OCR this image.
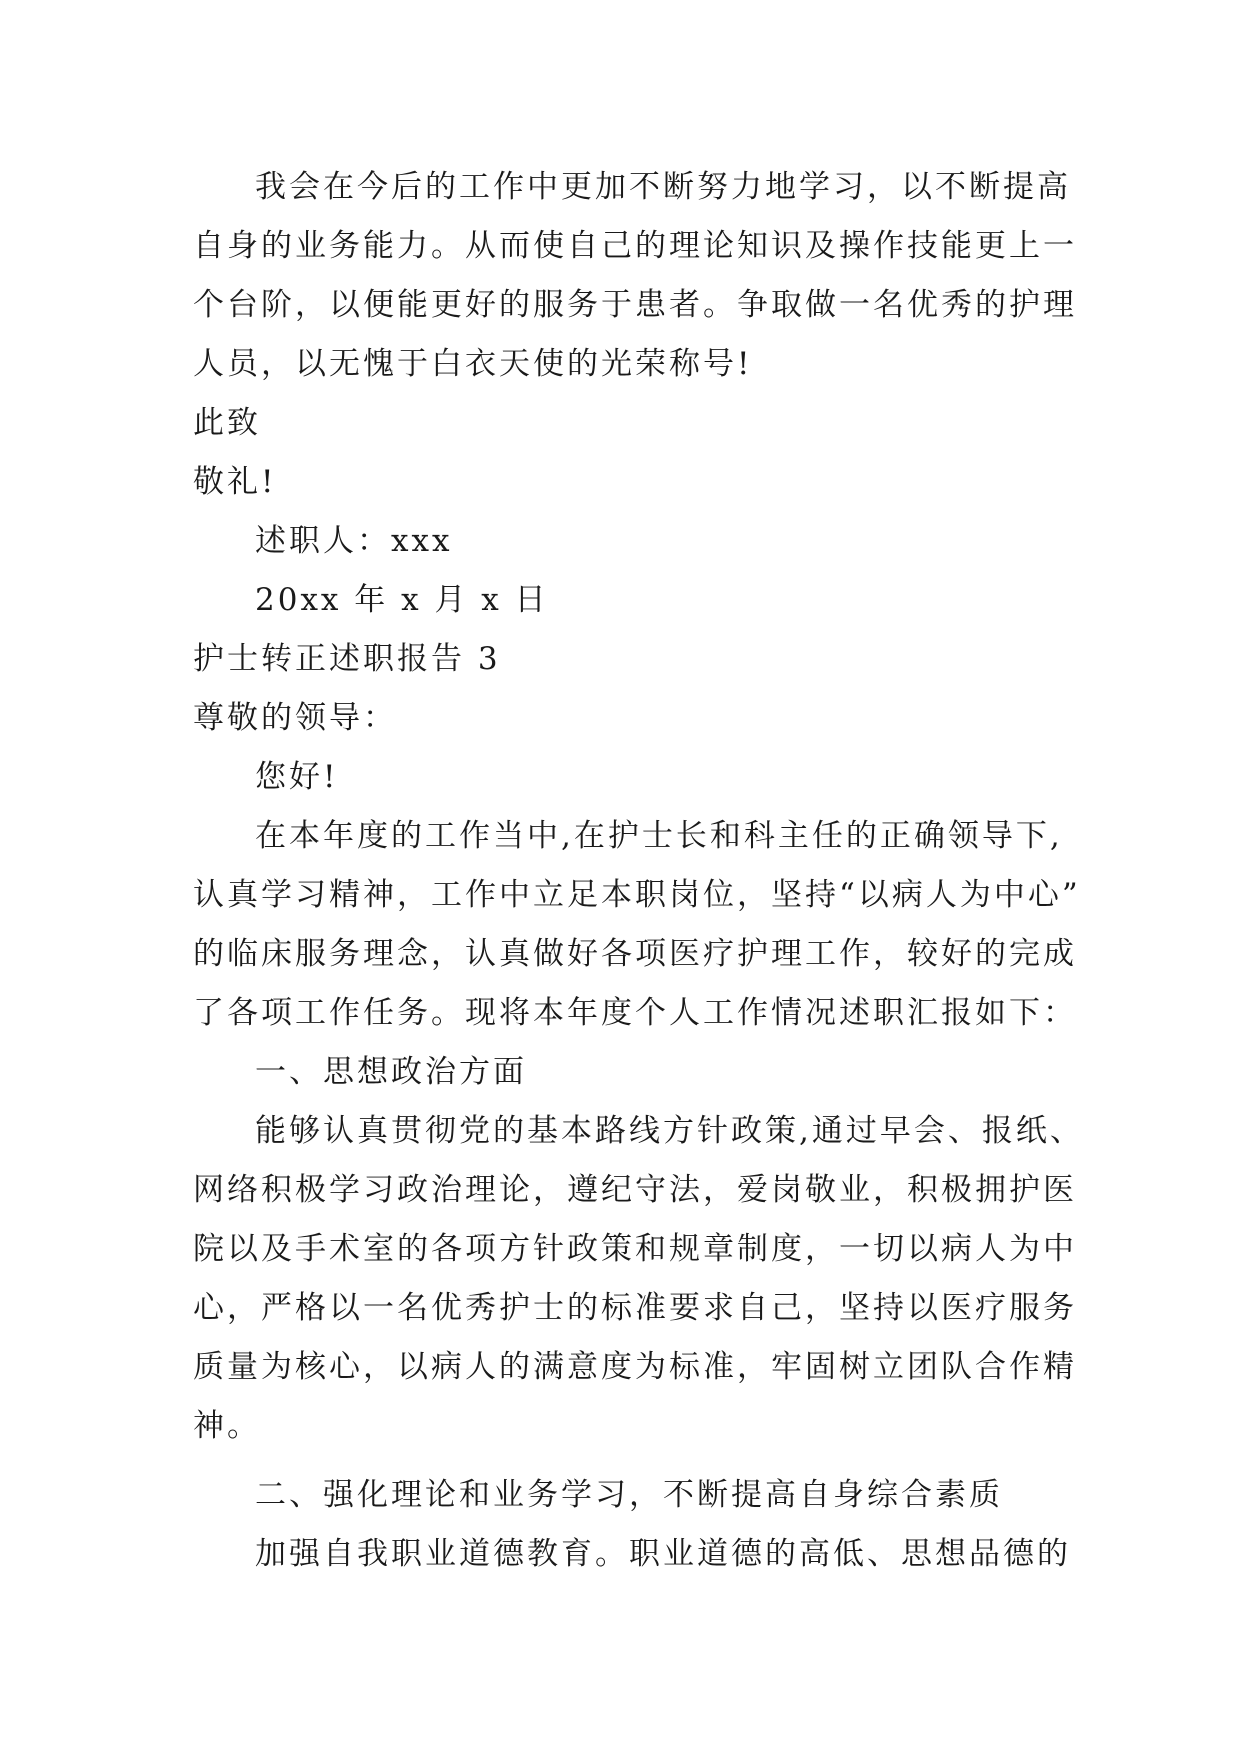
我会在今后的工作中更加不断努力地学习，以不断提高

自身的业务能力。从而使自己的理论知识及操作技能更上一

个台阶，以便能更好的服务于患者。争取做一名优秀的护理

人员，以无愧于白衣天使的光荣称号!

此致

敬礼!

述职人：xxx

20xx 年 x 月 x 日

护士转正述职报告 3

尊敬的领导：

您好!

在本年度的工作当中,在护士长和科主任的正确领导下,

认真学习精神，工作中立足本职岗位，坚持“以病人为中心”

的临床服务理念，认真做好各项医疗护理工作，较好的完成

了各项工作任务。现将本年度个人工作情况述职汇报如下：

一、思想政治方面

能够认真贯彻党的基本路线方针政策,通过早会、报纸、

网络积极学习政治理论，遵纪守法，爱岗敬业，积极拥护医

院以及手术室的各项方针政策和规章制度，一切以病人为中

心，严格以一名优秀护士的标准要求自己，坚持以医疗服务

质量为核心，以病人的满意度为标准，牢固树立团队合作精

神。

二、强化理论和业务学习，不断提高自身综合素质

加强自我职业道德教育。职业道德的高低、思想品德的
